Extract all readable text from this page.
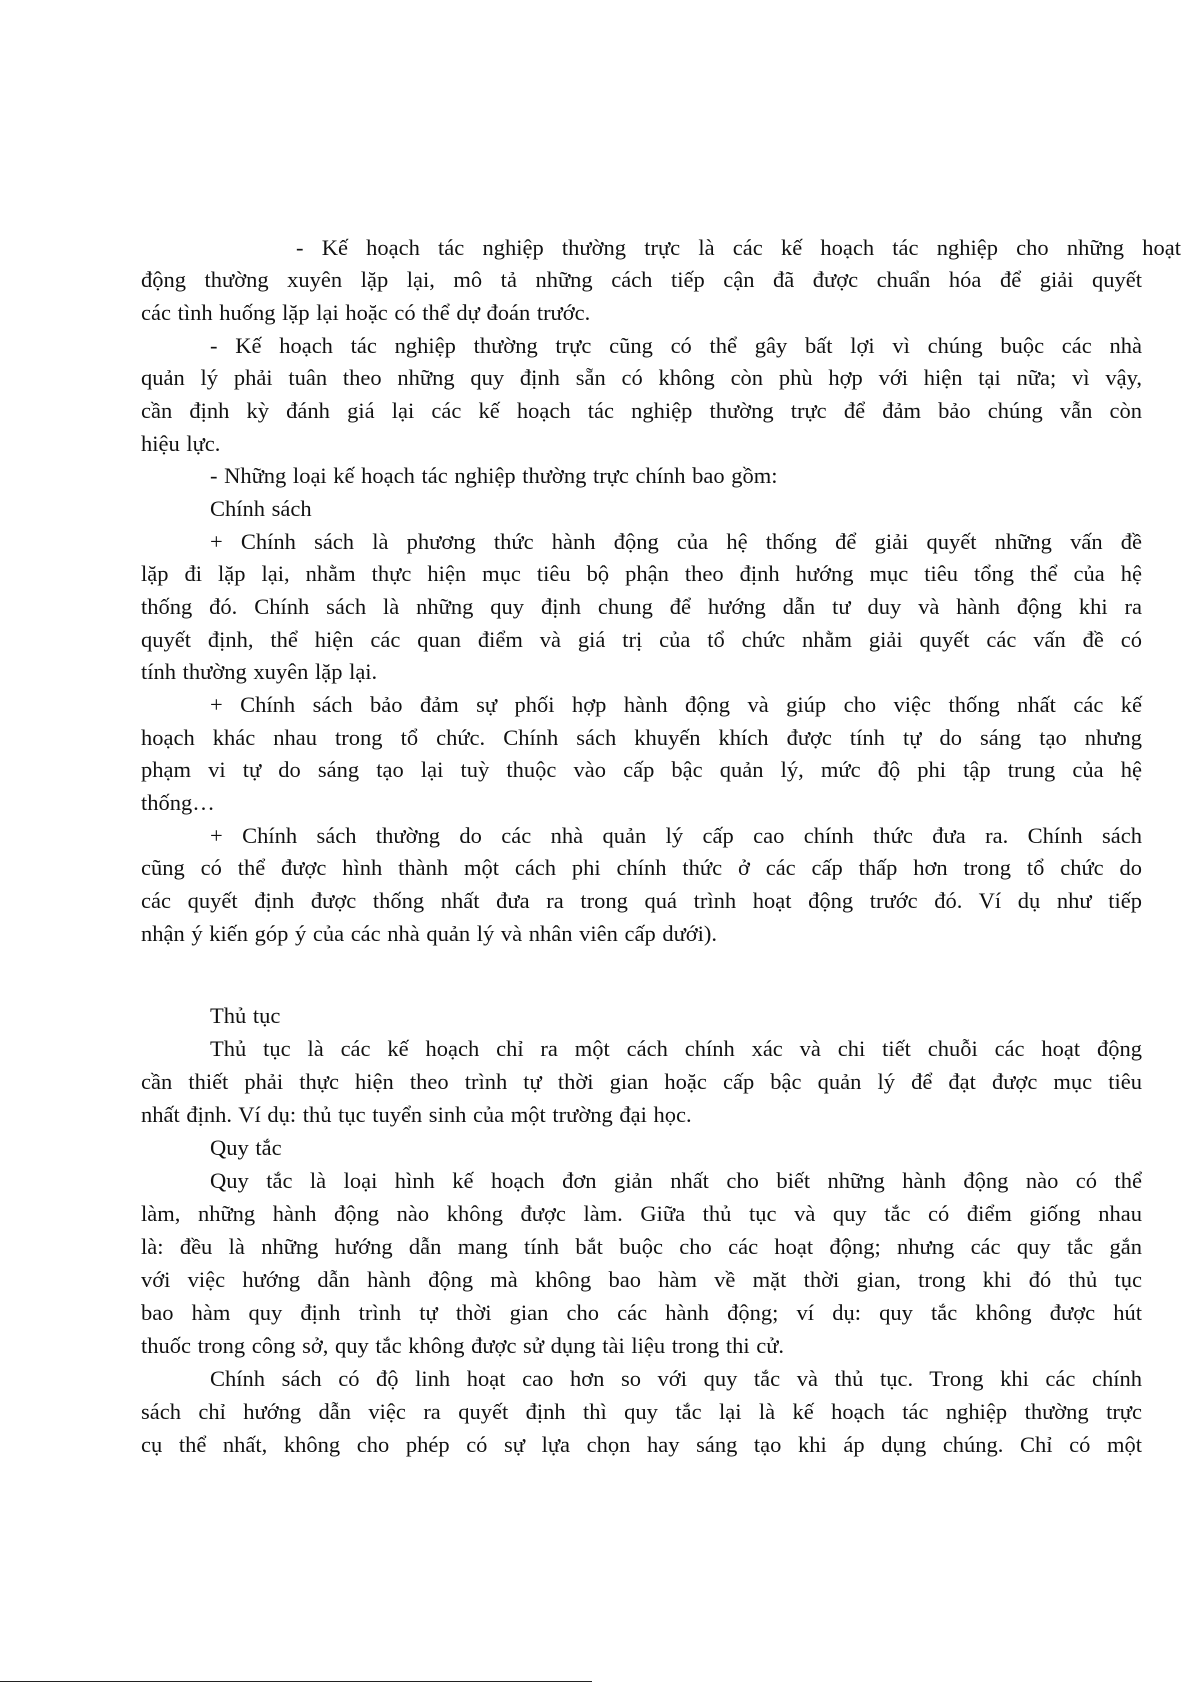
- Kế hoạch tác nghiệp thường trực là các kế hoạch tác nghiệp cho những hoạt
động thường xuyên lặp lại, mô tả những cách tiếp cận đã được chuẩn hóa để giải quyết
các tình huống lặp lại hoặc có thể dự đoán trước.
- Kế hoạch tác nghiệp thường trực cũng có thể gây bất lợi vì chúng buộc các nhà
quản lý phải tuân theo những quy định sẵn có không còn phù hợp với hiện tại nữa; vì vậy,
cần định kỳ đánh giá lại các kế hoạch tác nghiệp thường trực để đảm bảo chúng vẫn còn
hiệu lực.
- Những loại kế hoạch tác nghiệp thường trực chính bao gồm:
Chính sách
+ Chính sách là phương thức hành động của hệ thống để giải quyết những vấn đề
lặp đi lặp lại, nhằm thực hiện mục tiêu bộ phận theo định hướng mục tiêu tổng thể của hệ
thống đó. Chính sách là những quy định chung để hướng dẫn tư duy và hành động khi ra
quyết định, thể hiện các quan điểm và giá trị của tổ chức nhằm giải quyết các vấn đề có
tính thường xuyên lặp lại.
+ Chính sách bảo đảm sự phối hợp hành động và giúp cho việc thống nhất các kế
hoạch khác nhau trong tổ chức. Chính sách khuyến khích được tính tự do sáng tạo nhưng
phạm vi tự do sáng tạo lại tuỳ thuộc vào cấp bậc quản lý, mức độ phi tập trung của hệ
thống…
+ Chính sách thường do các nhà quản lý cấp cao chính thức đưa ra. Chính sách
cũng có thể được hình thành một cách phi chính thức ở các cấp thấp hơn trong tổ chức do
các quyết định được thống nhất đưa ra trong quá trình hoạt động trước đó. Ví dụ như tiếp
nhận ý kiến góp ý của các nhà quản lý và nhân viên cấp dưới).
Thủ tục
Thủ tục là các kế hoạch chỉ ra một cách chính xác và chi tiết chuỗi các hoạt động
cần thiết phải thực hiện theo trình tự thời gian hoặc cấp bậc quản lý để đạt được mục tiêu
nhất định. Ví dụ: thủ tục tuyển sinh của một trường đại học.
Quy tắc
Quy tắc là loại hình kế hoạch đơn giản nhất cho biết những hành động nào có thể
làm, những hành động nào không được làm. Giữa thủ tục và quy tắc có điểm giống nhau
là: đều là những hướng dẫn mang tính bắt buộc cho các hoạt động; nhưng các quy tắc gắn
với việc hướng dẫn hành động mà không bao hàm về mặt thời gian, trong khi đó thủ tục
bao hàm quy định trình tự thời gian cho các hành động; ví dụ: quy tắc không được hút
thuốc trong công sở, quy tắc không được sử dụng tài liệu trong thi cử.
Chính sách có độ linh hoạt cao hơn so với quy tắc và thủ tục. Trong khi các chính
sách chỉ hướng dẫn việc ra quyết định thì quy tắc lại là kế hoạch tác nghiệp thường trực
cụ thể nhất, không cho phép có sự lựa chọn hay sáng tạo khi áp dụng chúng. Chỉ có một
